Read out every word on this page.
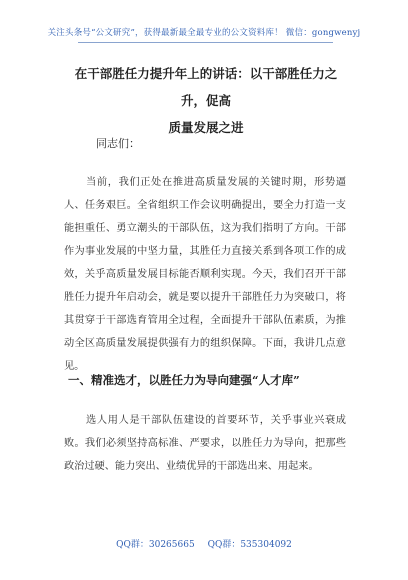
关注头条号“公文研究”，获得最新最全最专业的公文资料库！ 微信：gongwenyj
在干部胜任力提升年上的讲话：以干部胜任力之升，促高
质量发展之进
同志们：

当前，我们正处在推进高质量发展的关键时期，形势逼人、任务艰巨。全省组织工作会议明确提出，要全力打造一支能担重任、勇立潮头的干部队伍，这为我们指明了方向。干部作为事业发展的中坚力量，其胜任力直接关系到各项工作的成效，关乎高质量发展目标能否顺利实现。今天，我们召开干部胜任力提升年启动会，就是要以提升干部胜任力为突破口，将其贯穿于干部选育管用全过程，全面提升干部队伍素质，为推动全区高质量发展提供强有力的组织保障。下面，我讲几点意见。

一、精准选才，以胜任力为导向建强“人才库”

选人用人是干部队伍建设的首要环节，关乎事业兴衰成败。我们必须坚持高标准、严要求，以胜任力为导向，把那些政治过硬、能力突出、业绩优异的干部选出来、用起来。

QQ群：30265665 QQ群：535304092
